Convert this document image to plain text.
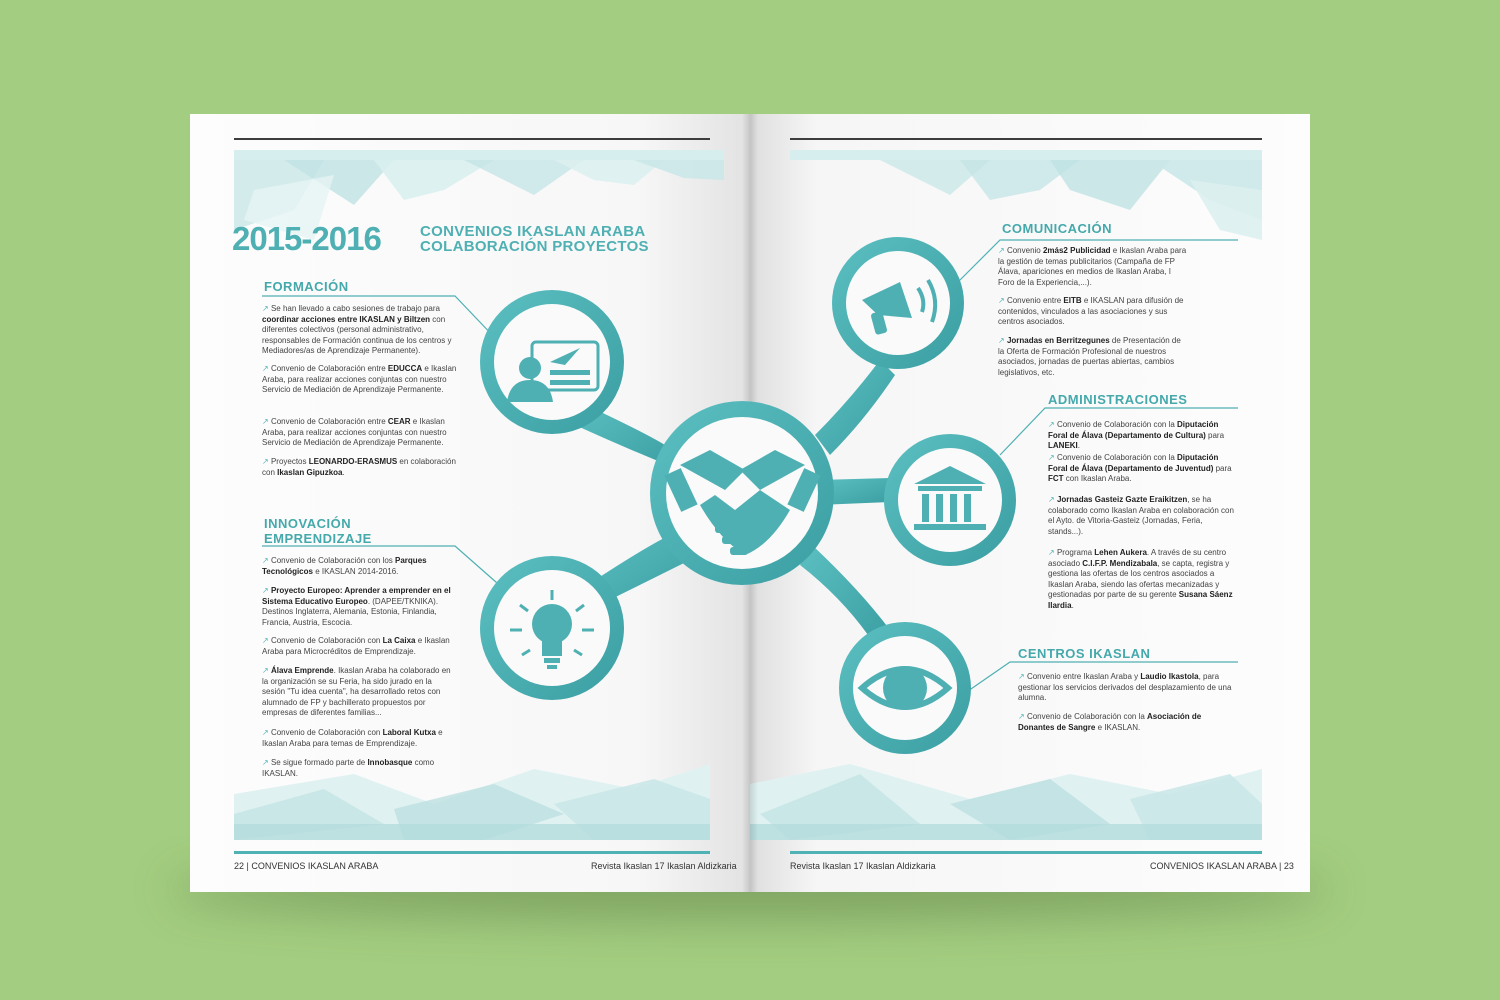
22 | CONVENIOS IKASLAN ARABA	Revista Ikaslan 17 Ikaslan Aldizkaria
2015-2016	CONVENIOS IKASLAN ARABA
COLABORACIÓN PROYECTOS
FORMACIÓN
↗ Se han llevado a cabo sesiones de trabajo para coordinar acciones entre IKASLAN y Biltzen con diferentes colectivos (personal administrativo, responsables de Formación continua de los centros y Mediadores/as de Aprendizaje Permanente).
↗ Convenio de Colaboración entre EDUCCA e Ikaslan Araba, para realizar acciones conjuntas con nuestro Servicio de Mediación de Aprendizaje Permanente.
↗ Convenio de Colaboración entre CEAR e Ikaslan Araba, para realizar acciones conjuntas con nuestro Servicio de Mediación de Aprendizaje Permanente.
↗ Proyectos LEONARDO-ERASMUS en colaboración con Ikaslan Gipuzkoa.
INNOVACIÓN
EMPRENDIZAJE
↗ Convenio de Colaboración con los Parques Tecnológicos e IKASLAN 2014-2016.
↗ Proyecto Europeo: Aprender a emprender en el Sistema Educativo Europeo. (DAPEE/TKNIKA). Destinos Inglaterra, Alemania, Estonia, Finlandia, Francia, Austria, Escocia.
↗ Convenio de Colaboración con La Caixa e Ikaslan Araba para Microcréditos de Emprendizaje.
↗ Álava Emprende. Ikaslan Araba ha colaborado en la organización se su Feria, ha sido jurado en la sesión "Tu idea cuenta", ha desarrollado retos con alumnado de FP y bachillerato propuestos por empresas de diferentes familias...
↗ Convenio de Colaboración con Laboral Kutxa e Ikaslan Araba para temas de Emprendizaje.
↗ Se sigue formado parte de Innobasque como IKASLAN.
Revista Ikaslan 17 Ikaslan Aldizkaria	CONVENIOS IKASLAN ARABA | 23
COMUNICACIÓN
↗ Convenio 2más2 Publicidad e Ikaslan Araba para la gestión de temas publicitarios (Campaña de FP Álava, apariciones en medios de Ikaslan Araba, I Foro de la Experiencia,...).
↗ Convenio entre EITB e IKASLAN para difusión de contenidos, vinculados a las asociaciones y sus centros asociados.
↗ Jornadas en Berritzegunes de Presentación de la Oferta de Formación Profesional de nuestros asociados, jornadas de puertas abiertas, cambios legislativos, etc.
ADMINISTRACIONES
↗ Convenio de Colaboración con la Diputación Foral de Álava (Departamento de Cultura) para LANEKI.
↗ Convenio de Colaboración con la Diputación Foral de Álava (Departamento de Juventud) para FCT con Ikaslan Araba.
↗ Jornadas Gasteiz Gazte Eraikitzen, se ha colaborado como Ikaslan Araba en colaboración con el Ayto. de Vitoria-Gasteiz (Jornadas, Feria, stands...).
↗ Programa Lehen Aukera. A través de su centro asociado C.I.F.P. Mendizabala, se capta, registra y gestiona las ofertas de los centros asociados a Ikaslan Araba, siendo las ofertas mecanizadas y gestionadas por parte de su gerente Susana Sáenz Ilardia.
CENTROS IKASLAN
↗ Convenio entre Ikaslan Araba y Laudio Ikastola, para gestionar los servicios derivados del desplazamiento de una alumna.
↗ Convenio de Colaboración con la Asociación de Donantes de Sangre e IKASLAN.
